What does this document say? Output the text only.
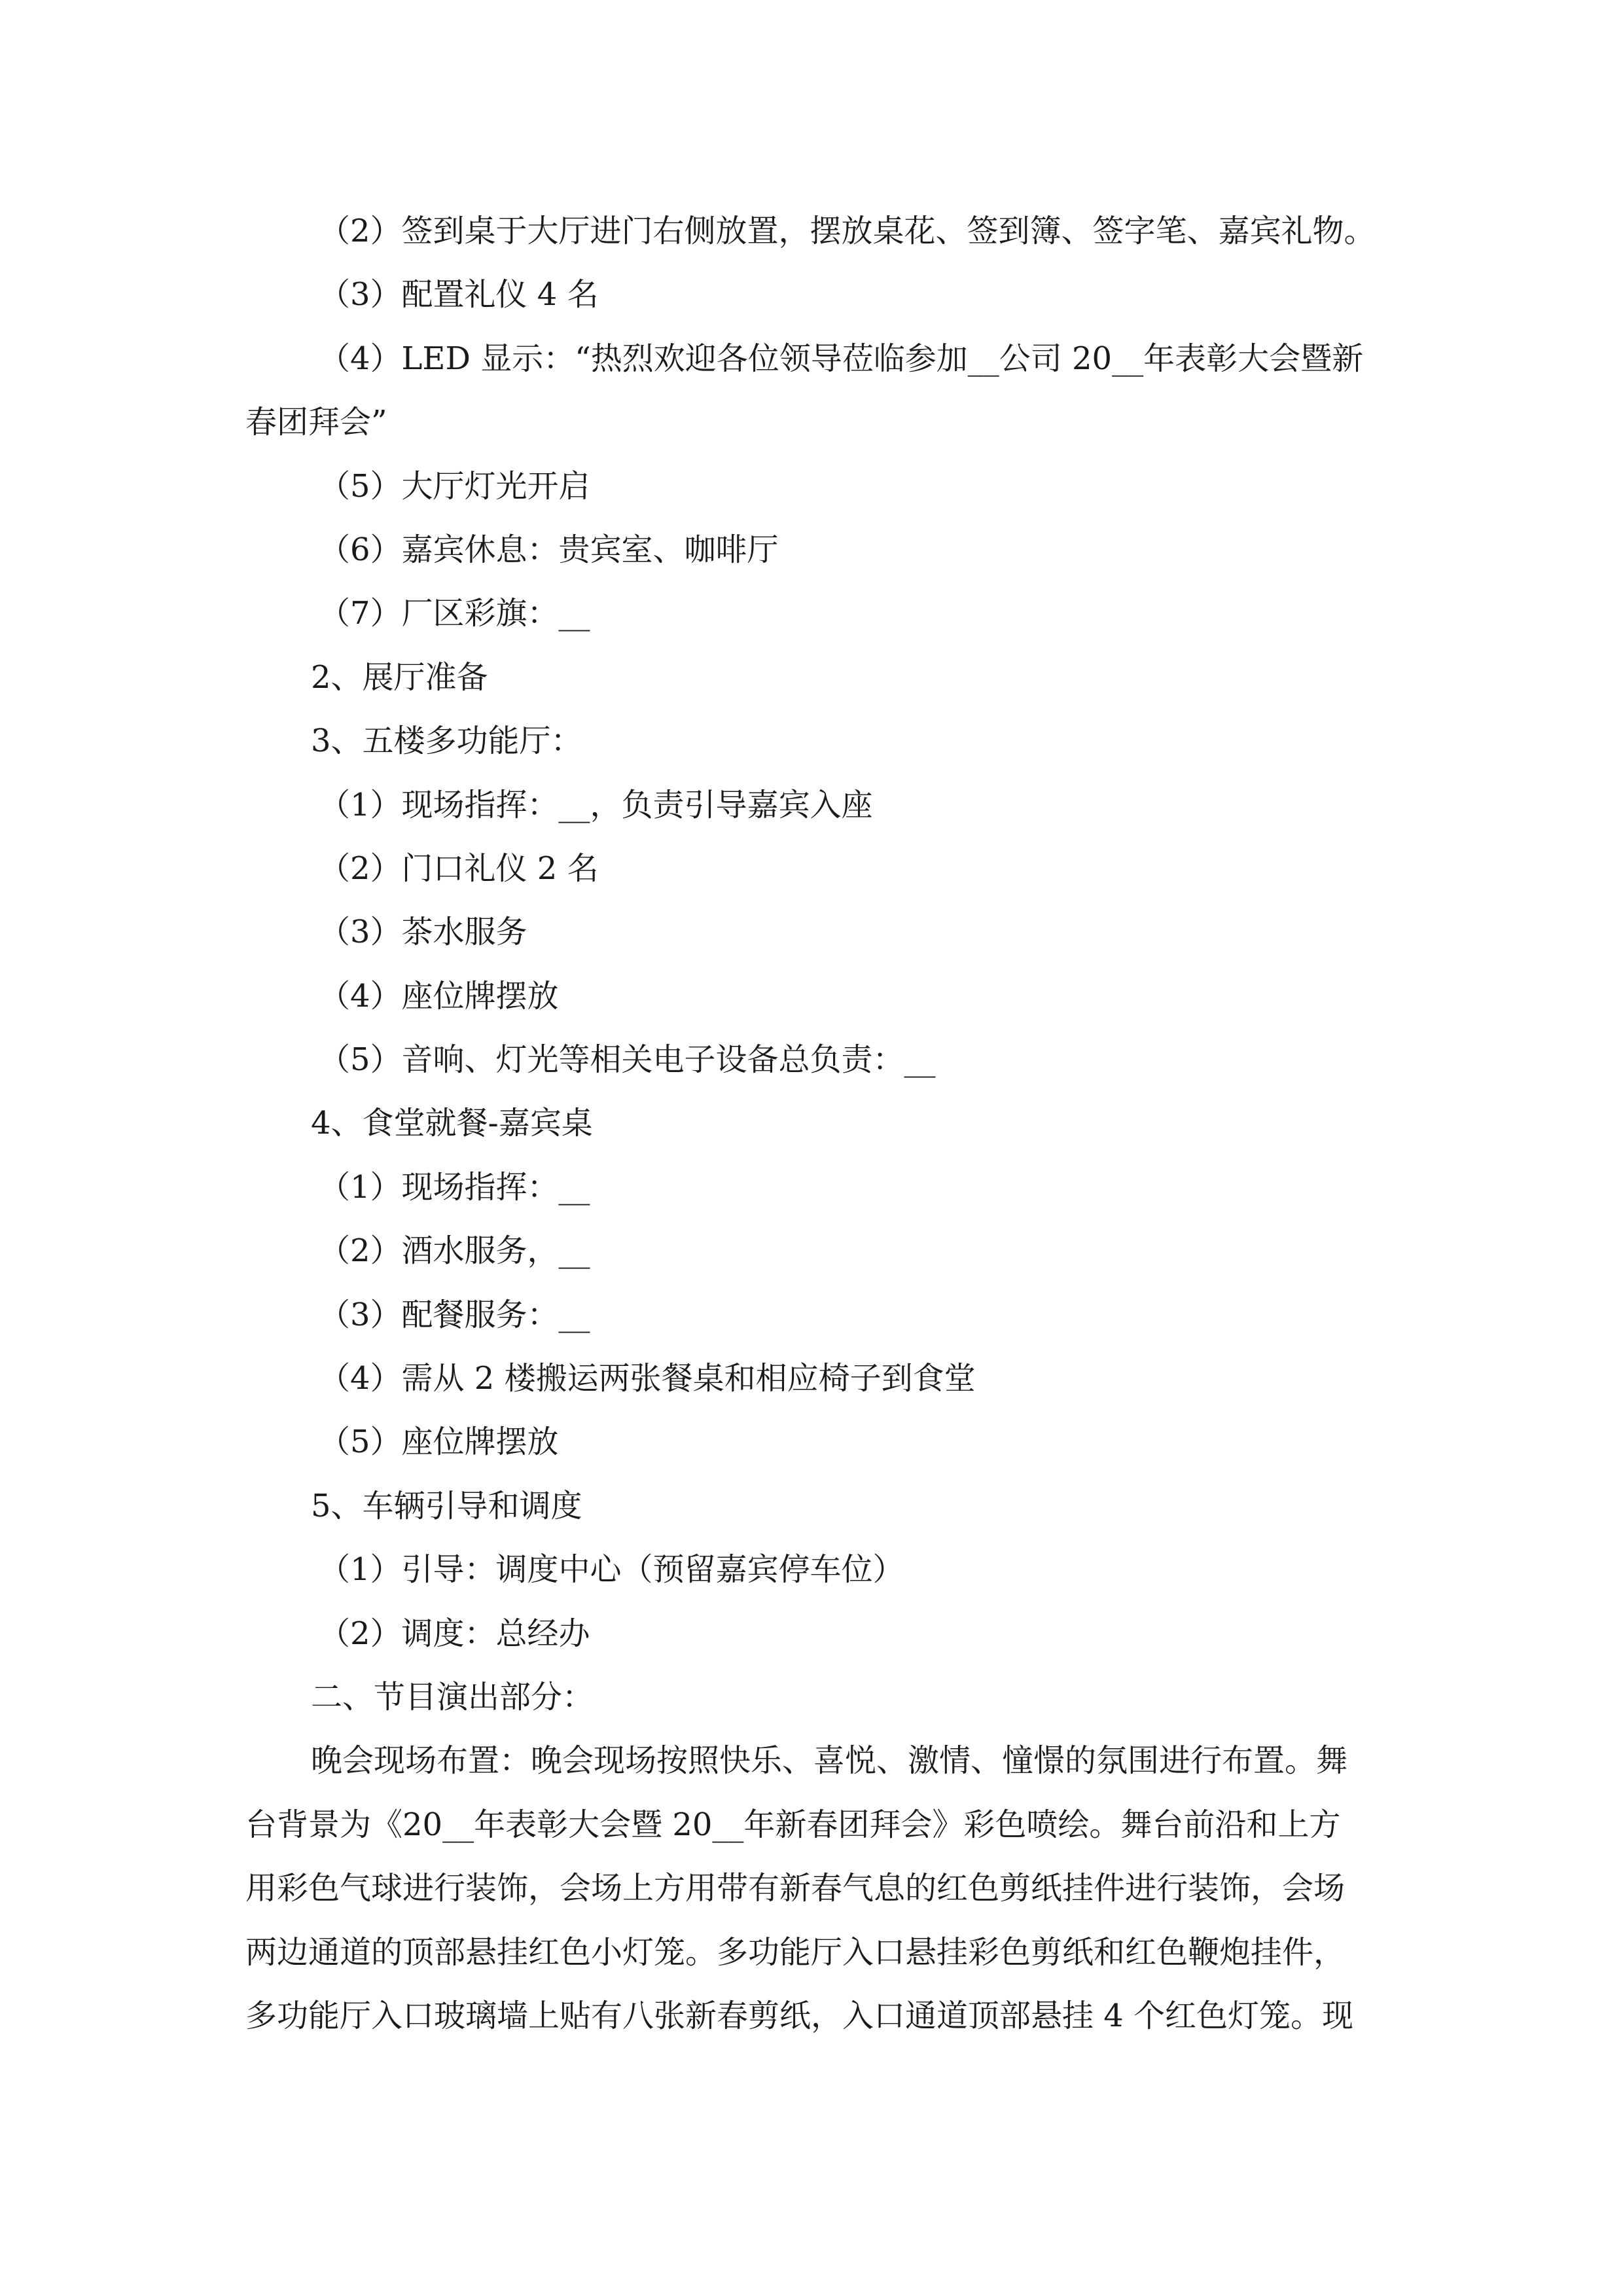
（2）签到桌于大厅进门右侧放置，摆放桌花、签到簿、签字笔、嘉宾礼物。

（3）配置礼仪 4 名

（4）LED 显示：“热烈欢迎各位领导莅临参加__公司 20__年表彰大会暨新

春团拜会”

（5）大厅灯光开启

（6）嘉宾休息：贵宾室、咖啡厅

（7）厂区彩旗：__

2、展厅准备

3、五楼多功能厅：

（1）现场指挥：__，负责引导嘉宾入座

（2）门口礼仪 2 名

（3）茶水服务

（4）座位牌摆放

（5）音响、灯光等相关电子设备总负责：__

4、食堂就餐-嘉宾桌

（1）现场指挥：__

（2）酒水服务，__

（3）配餐服务：__

（4）需从 2 楼搬运两张餐桌和相应椅子到食堂

（5）座位牌摆放

5、车辆引导和调度

（1）引导：调度中心（预留嘉宾停车位）

（2）调度：总经办

二、节目演出部分：

晚会现场布置：晚会现场按照快乐、喜悦、激情、憧憬的氛围进行布置。舞

台背景为《20__年表彰大会暨 20__年新春团拜会》彩色喷绘。舞台前沿和上方

用彩色气球进行装饰，会场上方用带有新春气息的红色剪纸挂件进行装饰，会场

两边通道的顶部悬挂红色小灯笼。多功能厅入口悬挂彩色剪纸和红色鞭炮挂件，

多功能厅入口玻璃墙上贴有八张新春剪纸，入口通道顶部悬挂 4 个红色灯笼。现
